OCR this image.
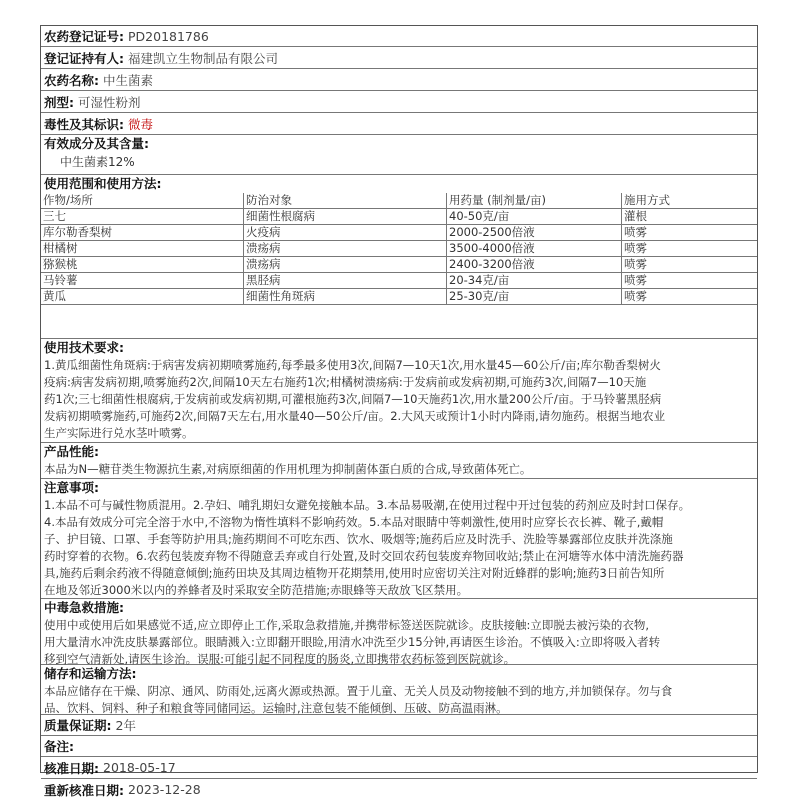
农药登记证号: PD20181786
登记证持有人: 福建凯立生物制品有限公司
农药名称: 中生菌素
剂型: 可湿性粉剂
毒性及其标识: 微毒
有效成分及其含量:
中生菌素12%
使用范围和使用方法:
作物/场所	防治对象	用药量 (制剂量/亩)	施用方式
三七	细菌性根腐病	40-50克/亩	灌根
库尔勒香梨树	火疫病	2000-2500倍液	喷雾
柑橘树	溃疡病	3500-4000倍液	喷雾
猕猴桃	溃疡病	2400-3200倍液	喷雾
马铃薯	黑胫病	20-34克/亩	喷雾
黄瓜	细菌性角斑病	25-30克/亩	喷雾
使用技术要求:
1.黄瓜细菌性角斑病:于病害发病初期喷雾施药,每季最多使用3次,间隔7—10天1次,用水量45—60公斤/亩;库尔勒香梨树火
疫病:病害发病初期,喷雾施药2次,间隔10天左右施药1次;柑橘树溃疡病:于发病前或发病初期,可施药3次,间隔7—10天施
药1次;三七细菌性根腐病,于发病前或发病初期,可灌根施药3次,间隔7—10天施药1次,用水量200公斤/亩。于马铃薯黑胫病
发病初期喷雾施药,可施药2次,间隔7天左右,用水量40—50公斤/亩。2.大风天或预计1小时内降雨,请勿施药。根据当地农业
生产实际进行兑水茎叶喷雾。
产品性能:
本品为N—糖苷类生物源抗生素,对病原细菌的作用机理为抑制菌体蛋白质的合成,导致菌体死亡。
注意事项:
1.本品不可与碱性物质混用。2.孕妇、哺乳期妇女避免接触本品。3.本品易吸潮,在使用过程中开过包装的药剂应及时封口保存。
4.本品有效成分可完全溶于水中,不溶物为惰性填料不影响药效。5.本品对眼睛中等刺激性,使用时应穿长衣长裤、靴子,戴帽
子、护目镜、口罩、手套等防护用具;施药期间不可吃东西、饮水、吸烟等;施药后应及时洗手、洗脸等暴露部位皮肤并洗涤施
药时穿着的衣物。6.农药包装废弃物不得随意丢弃或自行处置,及时交回农药包装废弃物回收站;禁止在河塘等水体中清洗施药器
具,施药后剩余药液不得随意倾倒;施药田块及其周边植物开花期禁用,使用时应密切关注对附近蜂群的影响;施药3日前告知所
在地及邻近3000米以内的养蜂者及时采取安全防范措施;赤眼蜂等天敌放飞区禁用。
中毒急救措施:
使用中或使用后如果感觉不适,应立即停止工作,采取急救措施,并携带标签送医院就诊。皮肤接触:立即脱去被污染的衣物,
用大量清水冲洗皮肤暴露部位。眼睛溅入:立即翻开眼睑,用清水冲洗至少15分钟,再请医生诊治。不慎吸入:立即将吸入者转
移到空气清新处,请医生诊治。误服:可能引起不同程度的肠炎,立即携带农药标签到医院就诊。
储存和运输方法:
本品应储存在干燥、阴凉、通风、防雨处,远离火源或热源。置于儿童、无关人员及动物接触不到的地方,并加锁保存。勿与食
品、饮料、饲料、种子和粮食等同储同运。运输时,注意包装不能倾倒、压破、防高温雨淋。
质量保证期: 2年
备注:
核准日期: 2018-05-17
重新核准日期: 2023-12-28
